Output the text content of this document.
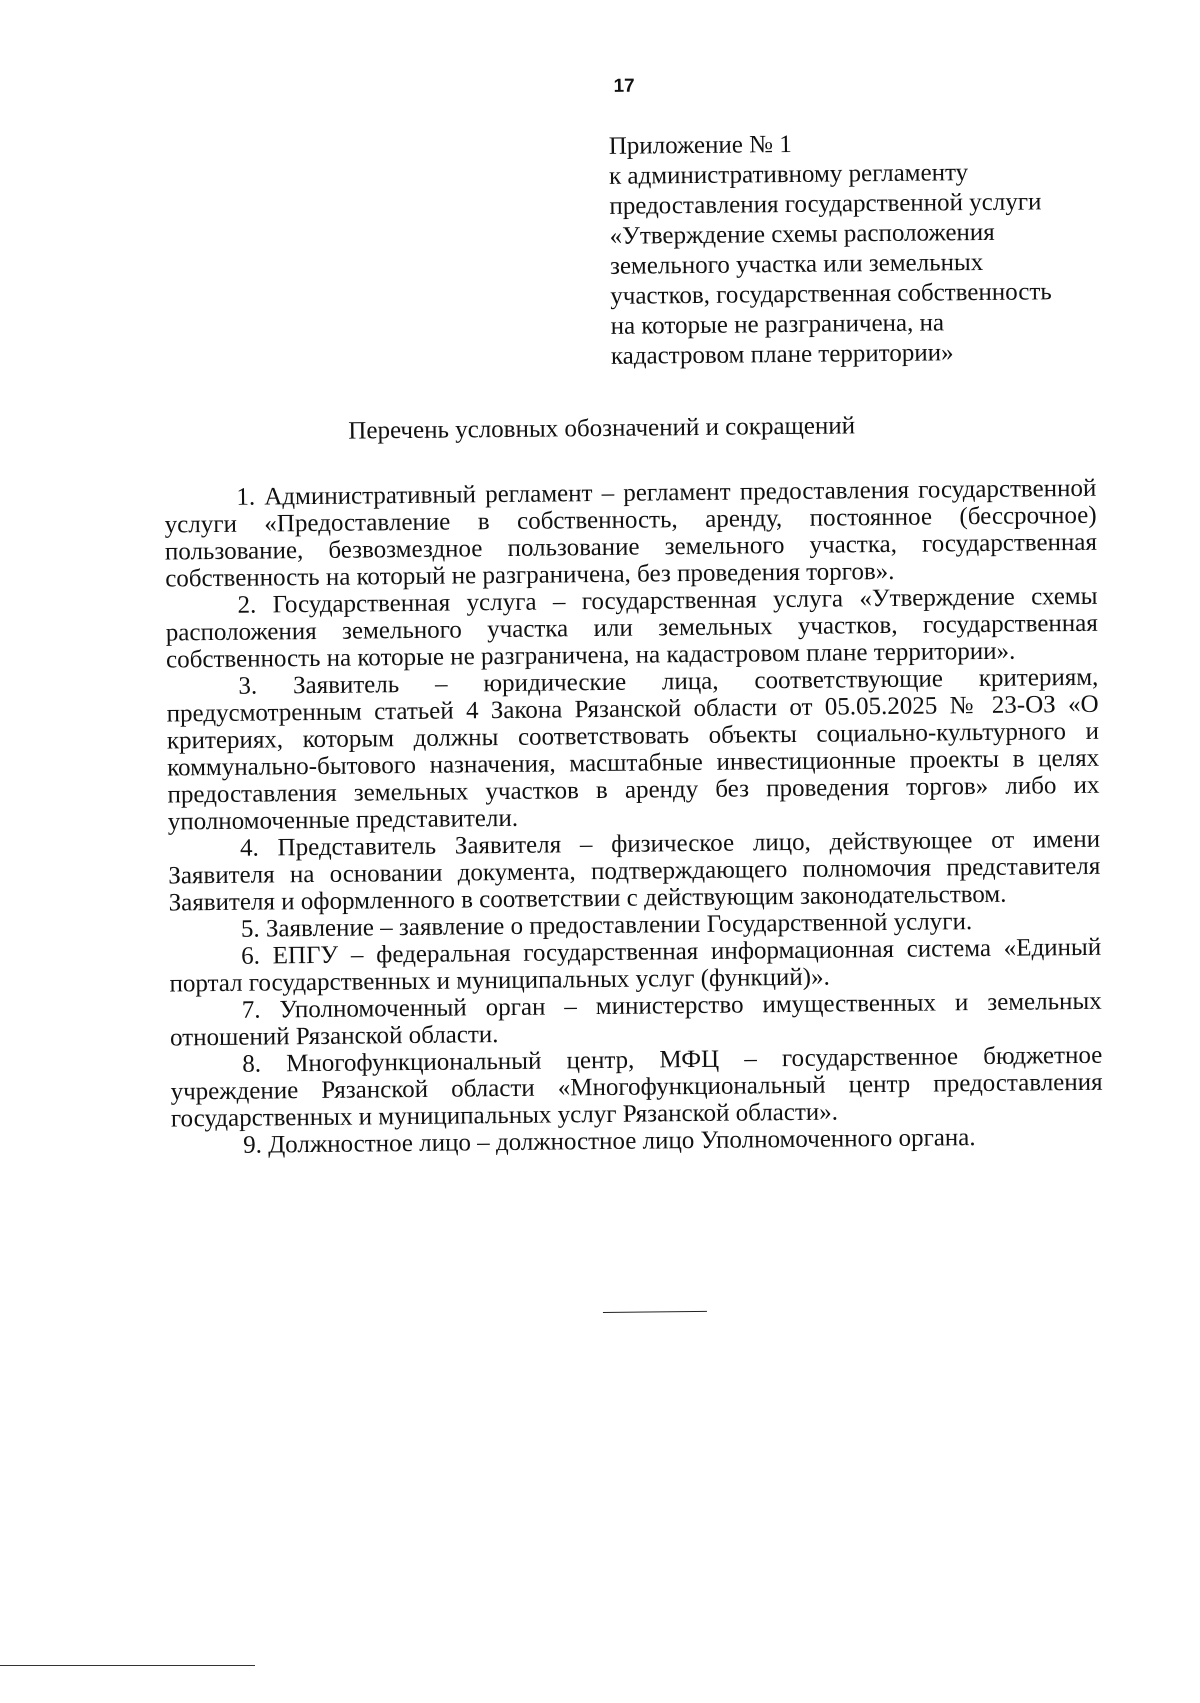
17
Приложение № 1
к административному регламенту
предоставления государственной услуги
«Утверждение схемы расположения
земельного участка или земельных
участков, государственная собственность
на которые не разграничена, на
кадастровом плане территории»
Перечень условных обозначений и сокращений

1. Административный регламент – регламент предоставления государственной услуги «Предоставление в собственность, аренду, постоянное (бессрочное) пользование, безвозмездное пользование земельного участка, государственная собственность на который не разграничена, без проведения торгов».

2. Государственная услуга – государственная услуга «Утверждение схемы расположения земельного участка или земельных участков, государственная собственность на которые не разграничена, на кадастровом плане территории».

3. Заявитель – юридические лица, соответствующие критериям, предусмотренным статьей 4 Закона Рязанской области от 05.05.2025 № 23-ОЗ «О критериях, которым должны соответствовать объекты социально-культурного и коммунально-бытового назначения, масштабные инвестиционные проекты в целях предоставления земельных участков в аренду без проведения торгов» либо их уполномоченные представители.

4. Представитель Заявителя – физическое лицо, действующее от имени Заявителя на основании документа, подтверждающего полномочия представителя Заявителя и оформленного в соответствии с действующим законодательством.

5. Заявление – заявление о предоставлении Государственной услуги.

6. ЕПГУ – федеральная государственная информационная система «Единый портал государственных и муниципальных услуг (функций)».

7. Уполномоченный орган – министерство имущественных и земельных отношений Рязанской области.

8. Многофункциональный центр, МФЦ – государственное бюджетное учреждение Рязанской области «Многофункциональный центр предоставления государственных и муниципальных услуг Рязанской области».

9. Должностное лицо – должностное лицо Уполномоченного органа.
